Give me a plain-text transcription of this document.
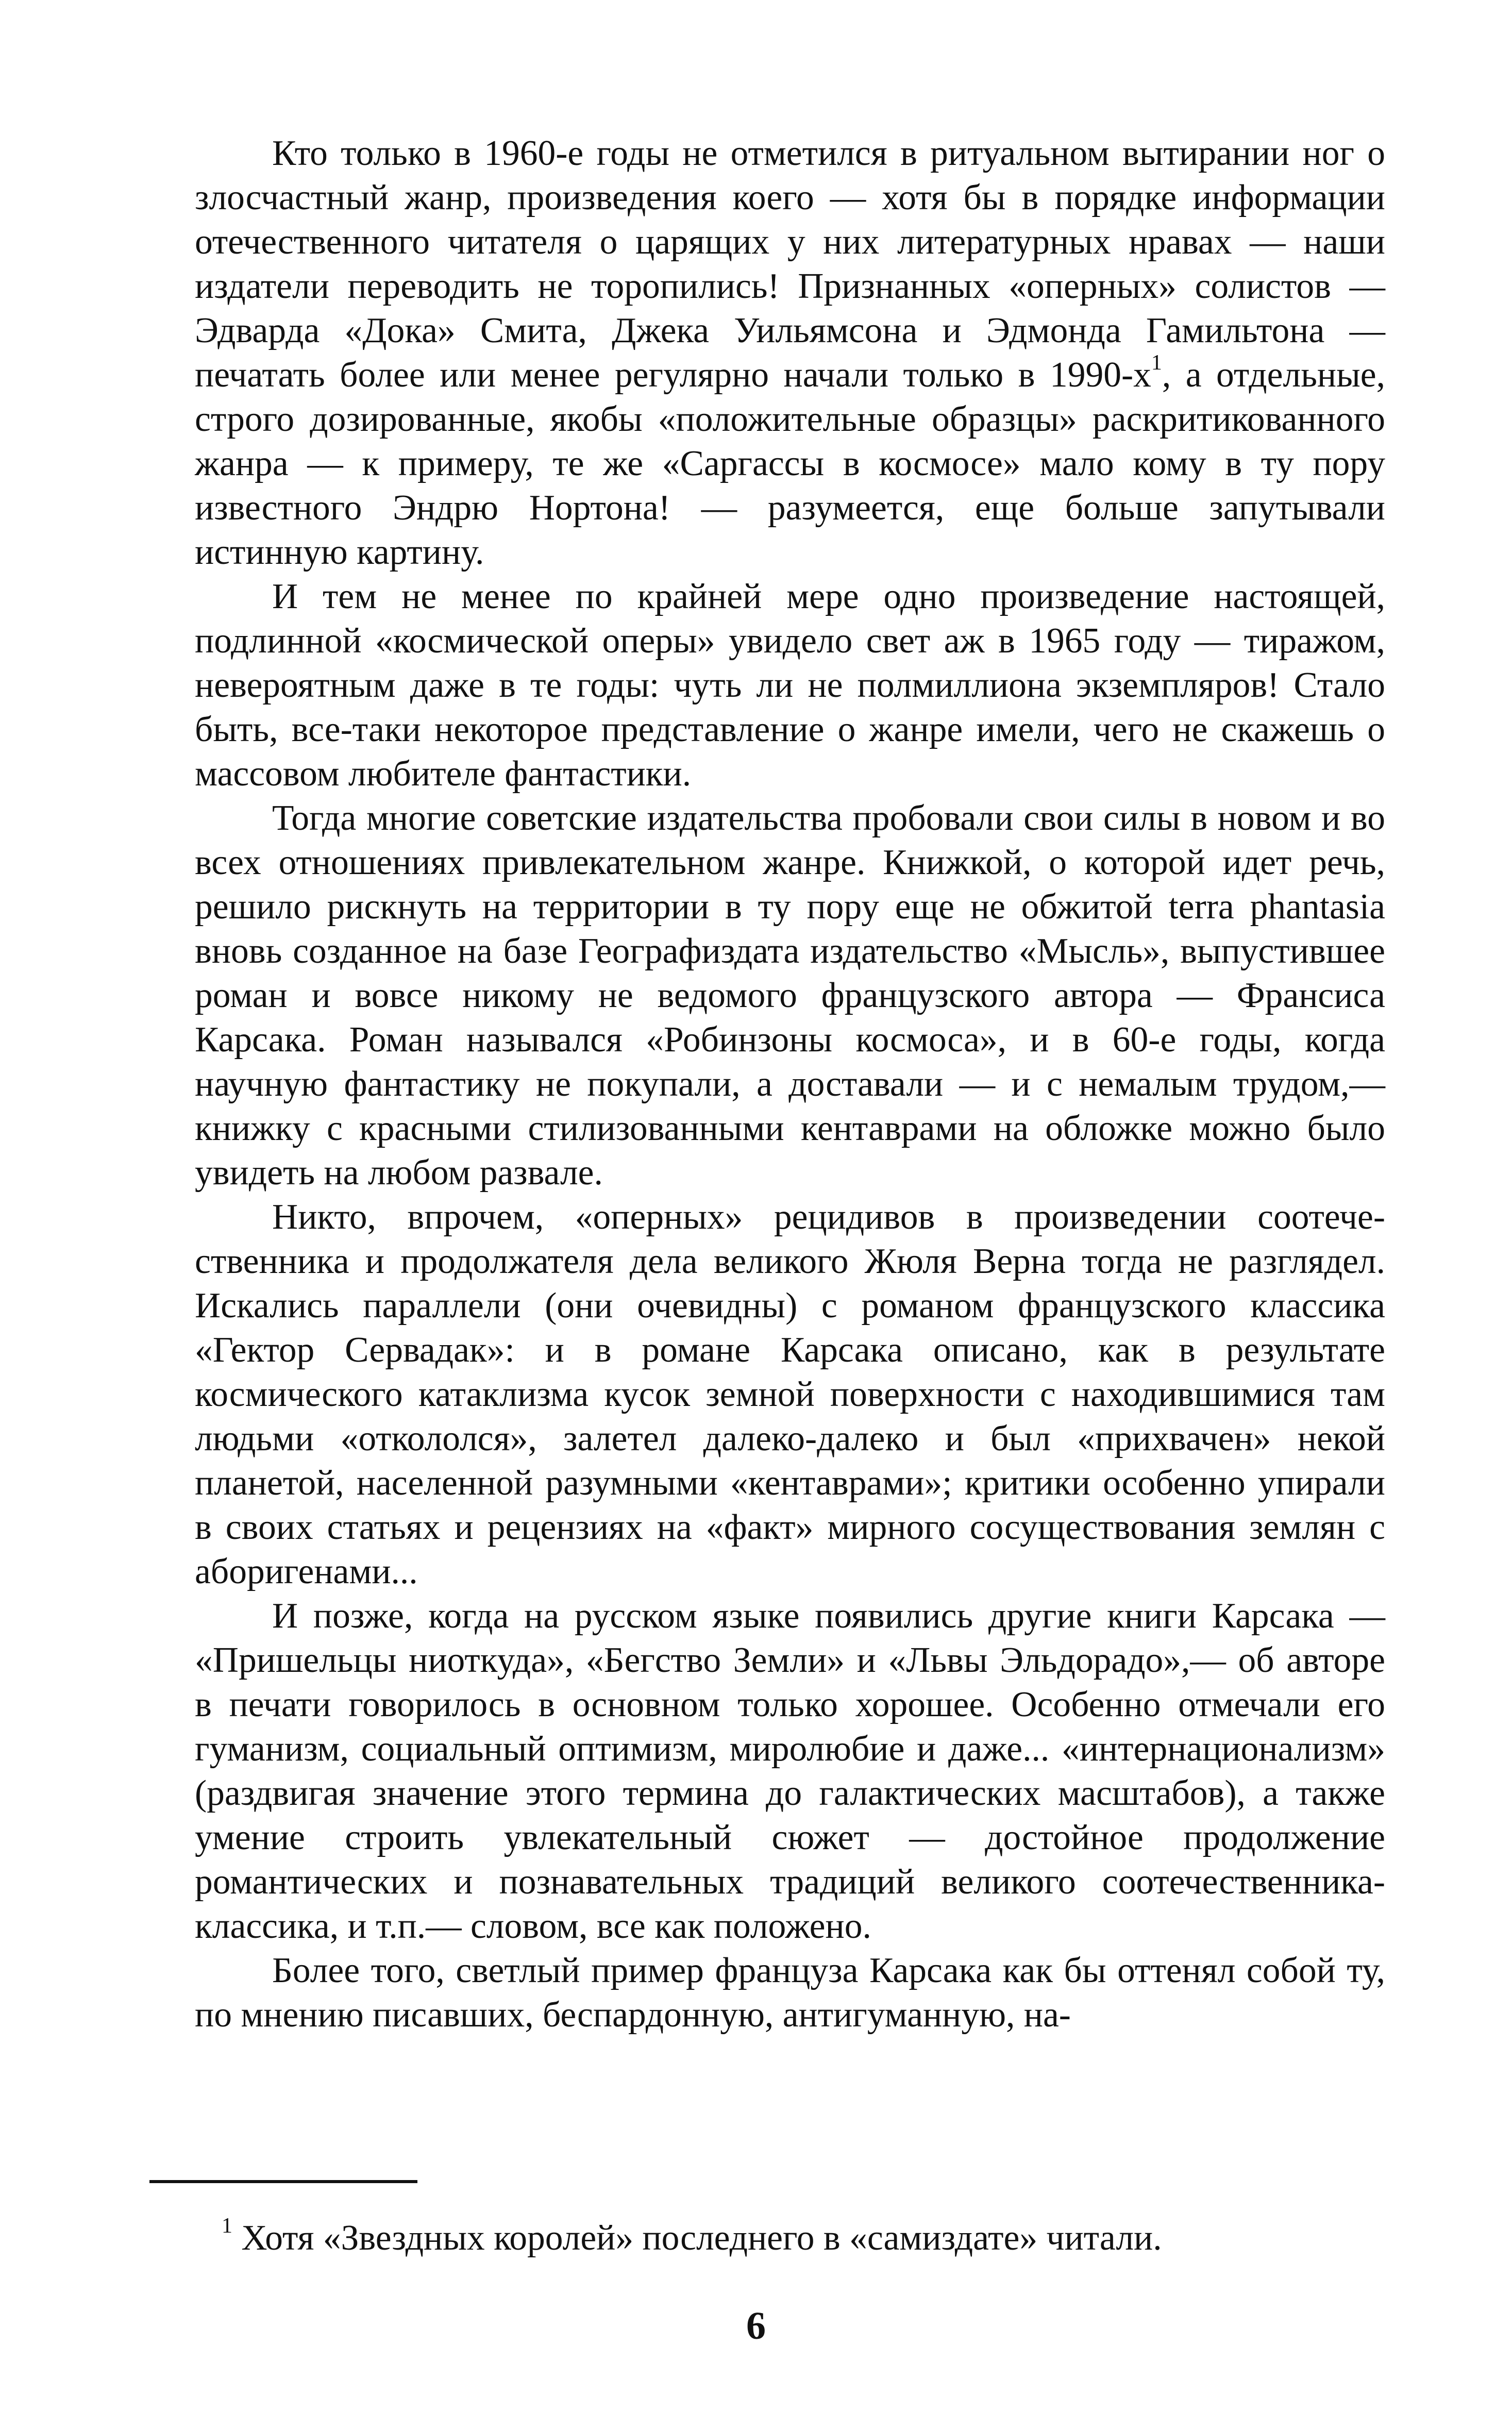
Кто только в 1960-е годы не отметился в ритуальном вытирании ног о злосчастный жанр, произведения коего — хотя бы в порядке информации отечественного читателя о царящих у них литературных нравах — наши издатели переводить не торопились! Признанных «оперных» солистов — Эдварда «Дока» Смита, Джека Уильямсона и Эдмонда Гамильтона — печатать более или менее регулярно начали только в $1990-х^1$, а отдельные, строго дозированные, якобы «положительные образцы» раскритикованного жанра — к примеру, те же «Саргассы в космосе» мало кому в ту пору известного Эндрю Нортона! — разумеется, еще больше запутывали истинную картину.

И тем не менее по крайней мере одно произведение настоящей, подлинной «космической оперы» увидело свет аж в 1965 году — тиражом, невероятным даже в те годы: чуть ли не полмиллиона экземпляров! Стало быть, все-таки некоторое представление о жанре имели, чего не скажешь о массовом любителе фантастики.

Тогда многие советские издательства пробовали свои силы в новом и во всех отношениях привлекательном жанре. Книжкой, о которой идет речь, решило рискнуть на территории в ту пору еще не обжитой terra phantasia вновь созданное на базе Географиздата издательство «Мысль», выпустившее роман и вовсе никому не ведомого французского автора — Франсиса Карсака. Роман назывался «Робинзоны космоса», и в 60-е годы, когда научную фантастику не покупали, а доставали — и с немалым трудом,— книжку с красными стилизованными кентаврами на обложке можно было увидеть на любом развале.

Никто, впрочем, «оперных» рецидивов в произведении соотечественника и продолжателя дела великого Жюля Верна тогда не разглядел. Искались параллели (они очевидны) с романом французского классика «Гектор Сервадак»: и в романе Карсака описано, как в результате космического катаклизма кусок земной поверхности с находившимися там людьми «откололся», залетел далеко-далеко и был «прихвачен» некой планетой, населенной разумными «кентаврами»; критики особенно упирали в своих статьях и рецензиях на «факт» мирного сосуществования землян с аборигенами...

И позже, когда на русском языке появились другие книги Карсака — «Пришельцы ниоткуда», «Бегство Земли» и «Львы Эльдорадо»,— об авторе в печати говорилось в основном только хорошее. Особенно отмечали его гуманизм, социальный оптимизм, миролюбие и даже... «интернационализм» (раздвигая значение этого термина до галактических масштабов), а также умение строить увлекательный сюжет — достойное продолжение романтических и познавательных традиций великого соотечественника-классика, и т.п.— словом, все как положено.

Более того, светлый пример француза Карсака как бы оттенял собой ту, по мнению писавших, беспардонную, антигуманную, на-

$^1$ Хотя «Звездных королей» последнего в «самиздате» читали.

6
